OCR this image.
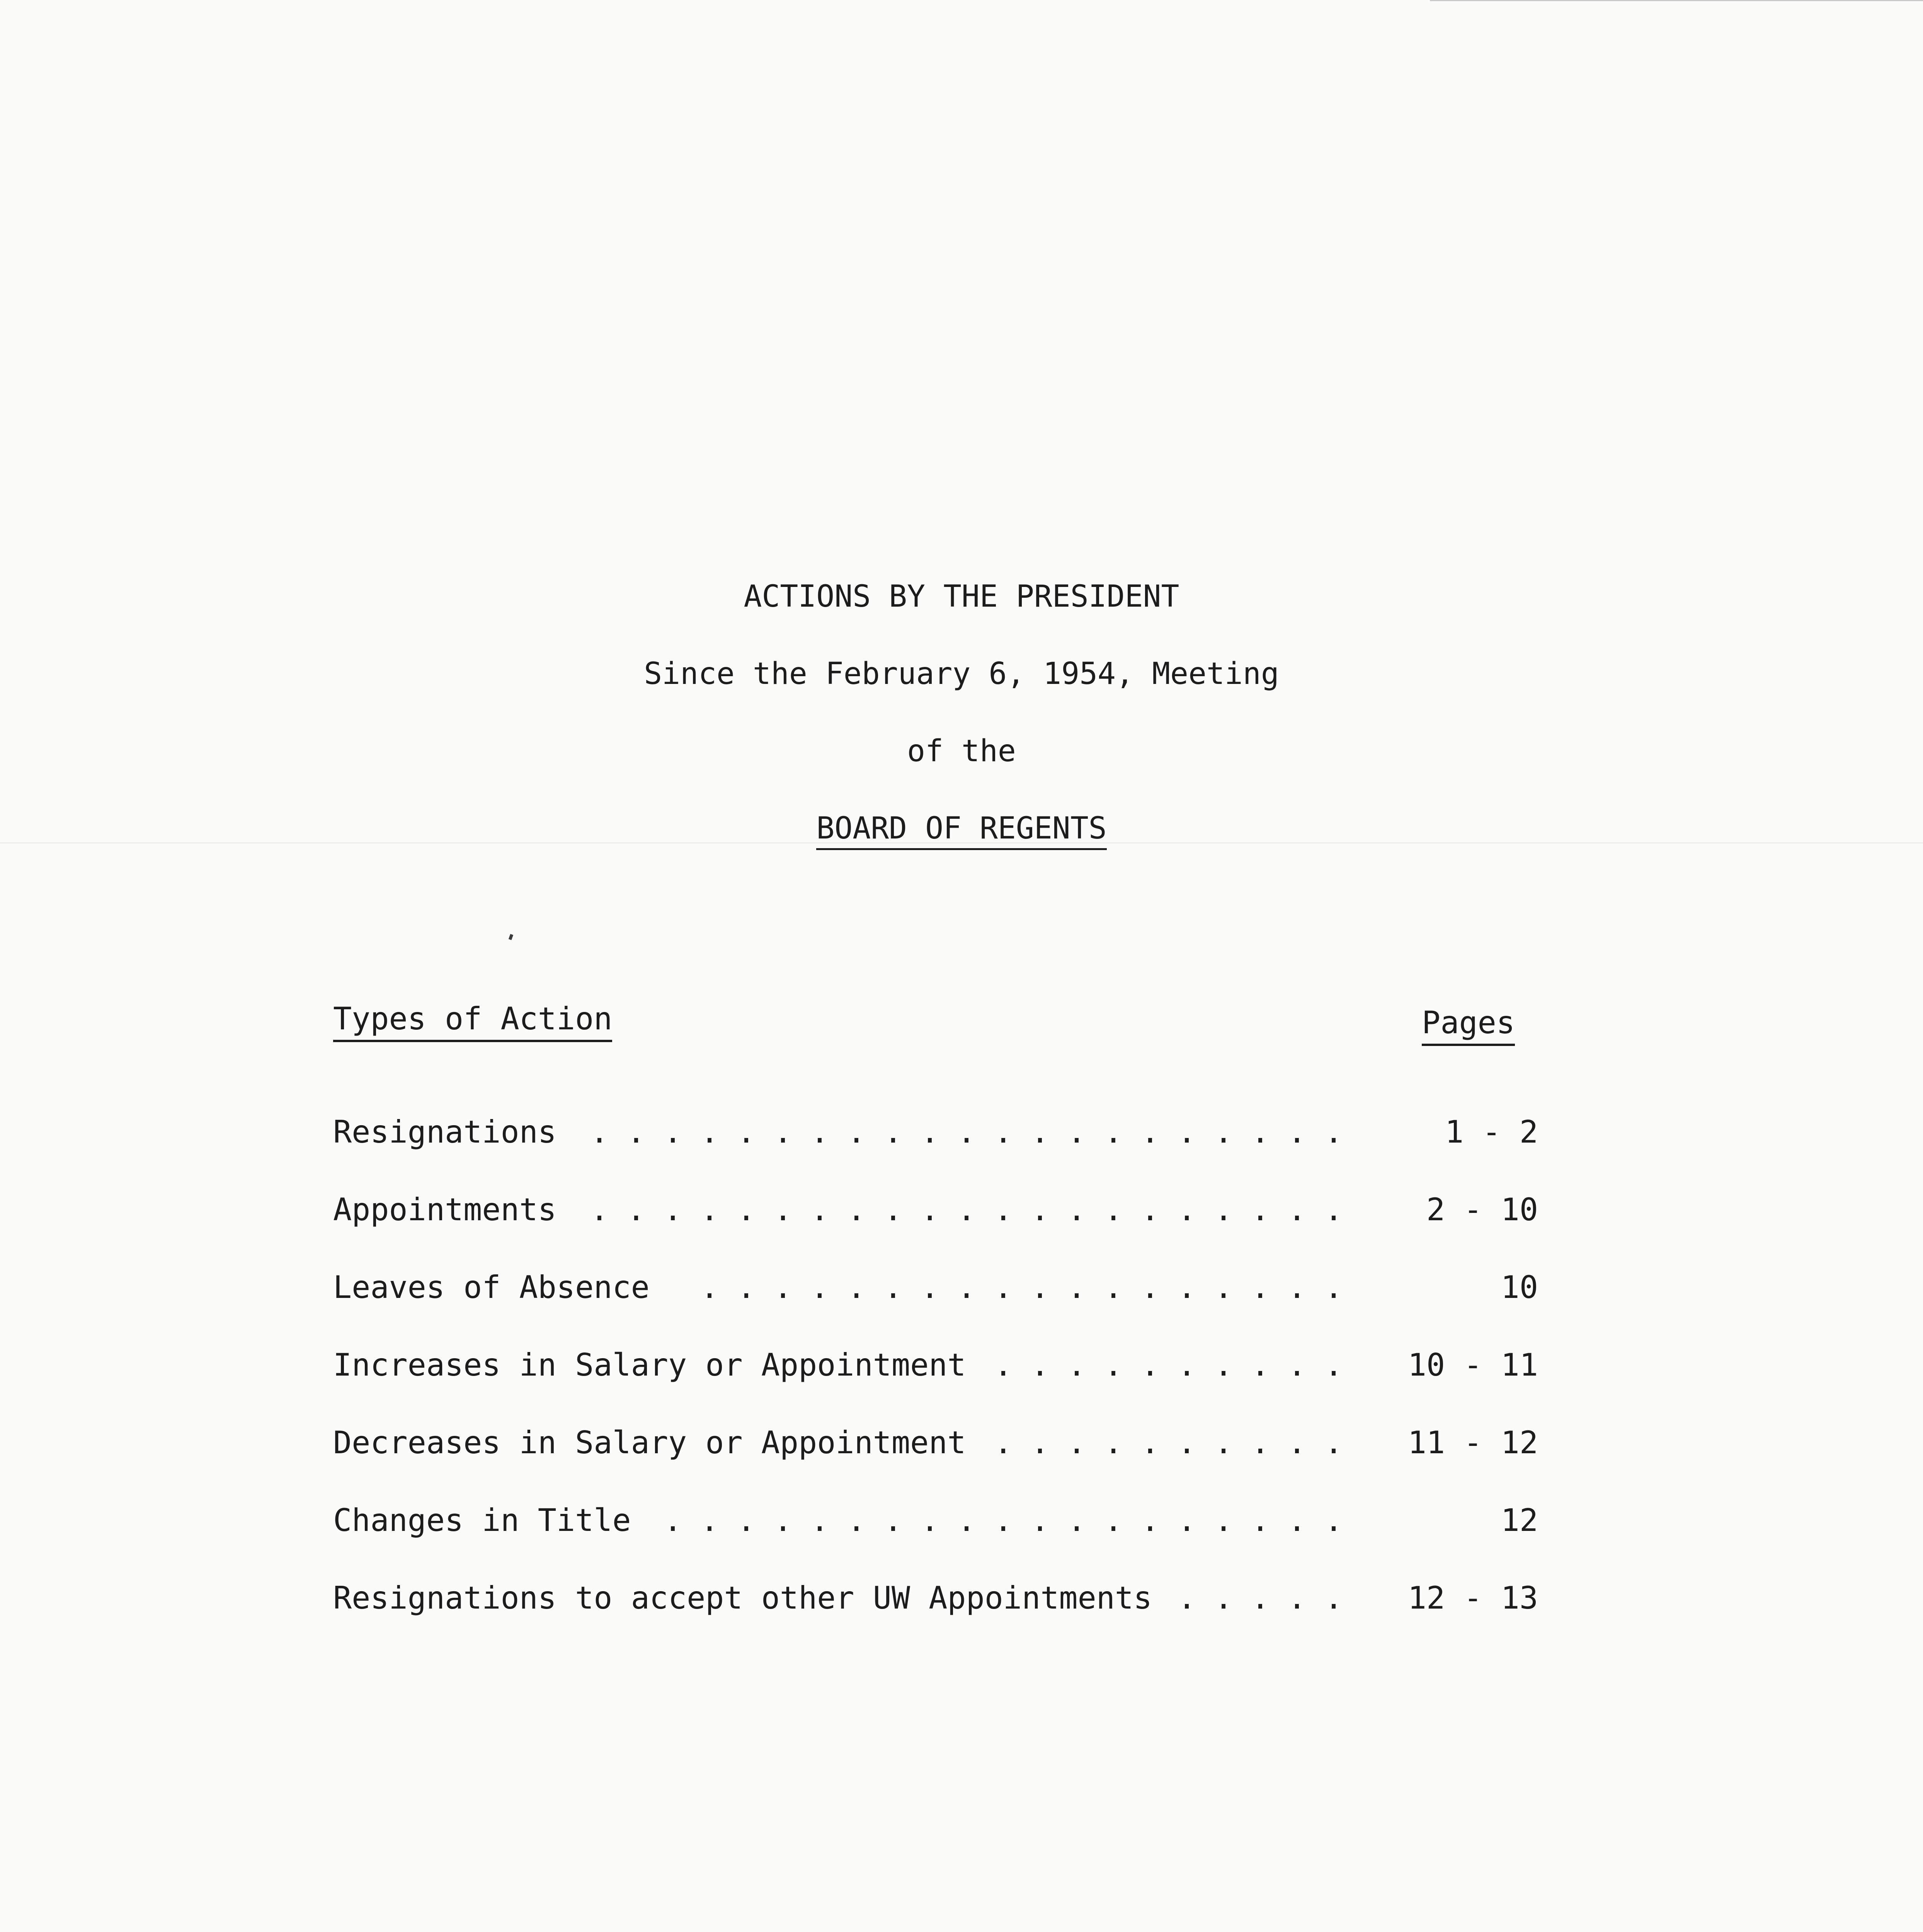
ACTIONS BY THE PRESIDENT
Since the February 6, 1954, Meeting
of the
BOARD OF REGENTS
Types of Action	Pages
Resignations . . . . . . . . . . . . . . . . . . . . .	1 - 2
Appointments . . . . . . . . . . . . . . . . . . . . .	2 - 10
Leaves of Absence . . . . . . . . . . . . . . . . . .	10
Increases in Salary or Appointment . . . . . . . . . . 10 - 11
Decreases in Salary or Appointment . . . . . . . . . . 11 - 12
Changes in Title . . . . . . . . . . . . . . . . . . .	12
Resignations to accept other UW Appointments . . . . . 12 - 13
